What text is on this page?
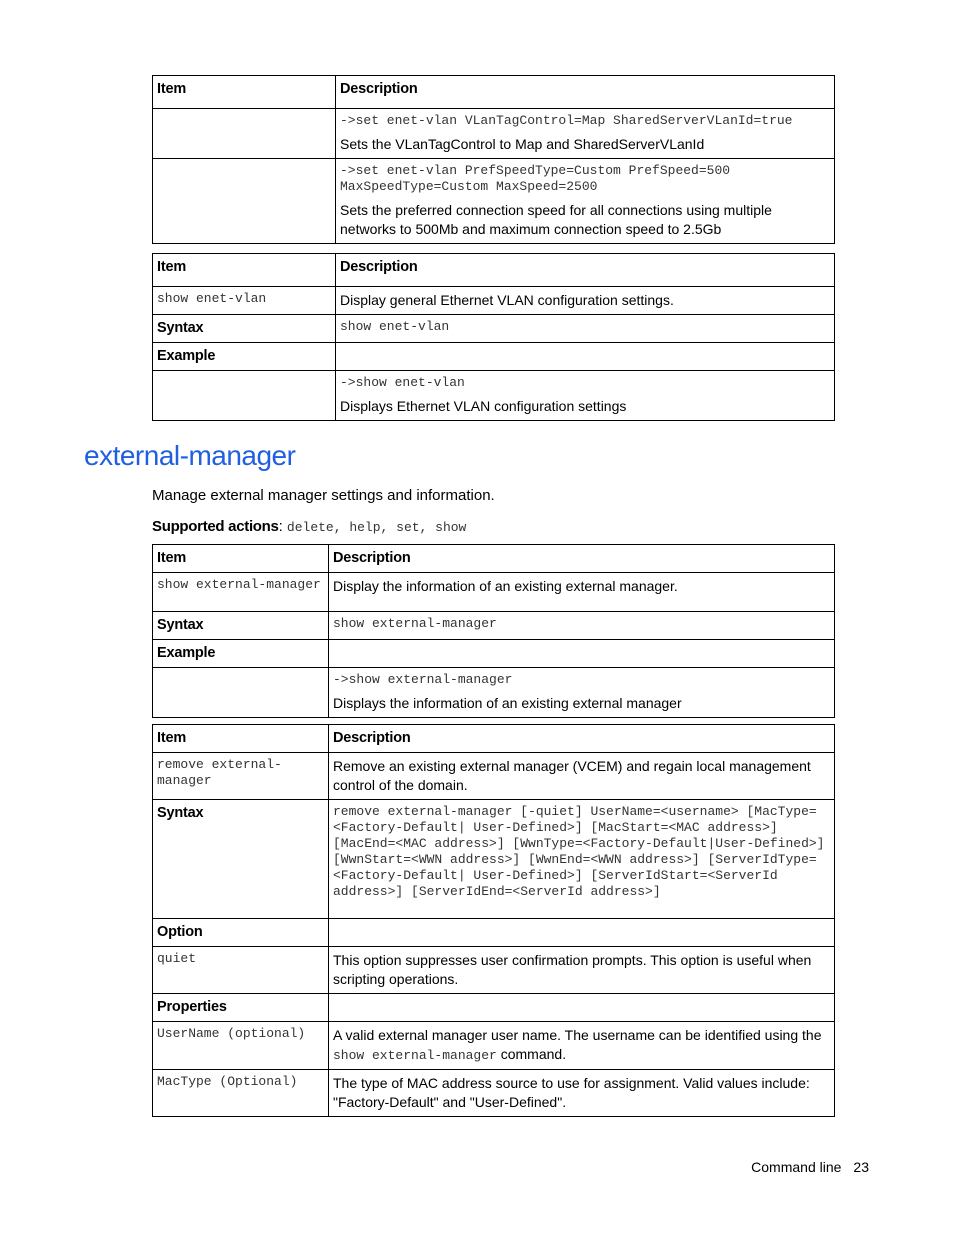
Item	Description

	->set enet-vlan VLanTagControl=Map SharedServerVLanId=true
Sets the VLanTagControl to Map and SharedServerVLanId

	->set enet-vlan PrefSpeedType=Custom PrefSpeed=500 MaxSpeedType=Custom MaxSpeed=2500
Sets the preferred connection speed for all connections using multiple networks to 500Mb and maximum connection speed to 2.5Gb
Item	Description

show enet-vlan	Display general Ethernet VLAN configuration settings.
Syntax	show enet-vlan

Example	

	->show enet-vlan
Displays Ethernet VLAN configuration settings
external-manager
Manage external manager settings and information.
Supported actions: delete, help, set, show
Item	Description

show external-manager	Display the information of an existing external manager.
Syntax	show external-manager

Example	

	->show external-manager
Displays the information of an existing external manager
Item	Description

remove external-manager	Remove an existing external manager (VCEM) and regain local management control of the domain.
Syntax	remove external-manager [-quiet] UserName=<username> [MacType=<Factory-Default| User-Defined>] [MacStart=<MAC address>] [MacEnd=<MAC address>] [WwnType=<Factory-Default|User-Defined>] [WwnStart=<WWN address>] [WwnEnd=<WWN address>] [ServerIdType=<Factory-Default| User-Defined>] [ServerIdStart=<ServerId address>] [ServerIdEnd=<ServerId address>]

Option	

quiet	This option suppresses user confirmation prompts. This option is useful when scripting operations.
Properties	

UserName (optional)	A valid external manager user name. The username can be identified using the show external-manager command.

MacType (Optional)	The type of MAC address source to use for assignment. Valid values include: "Factory-Default" and "User-Defined".
Command line 23
